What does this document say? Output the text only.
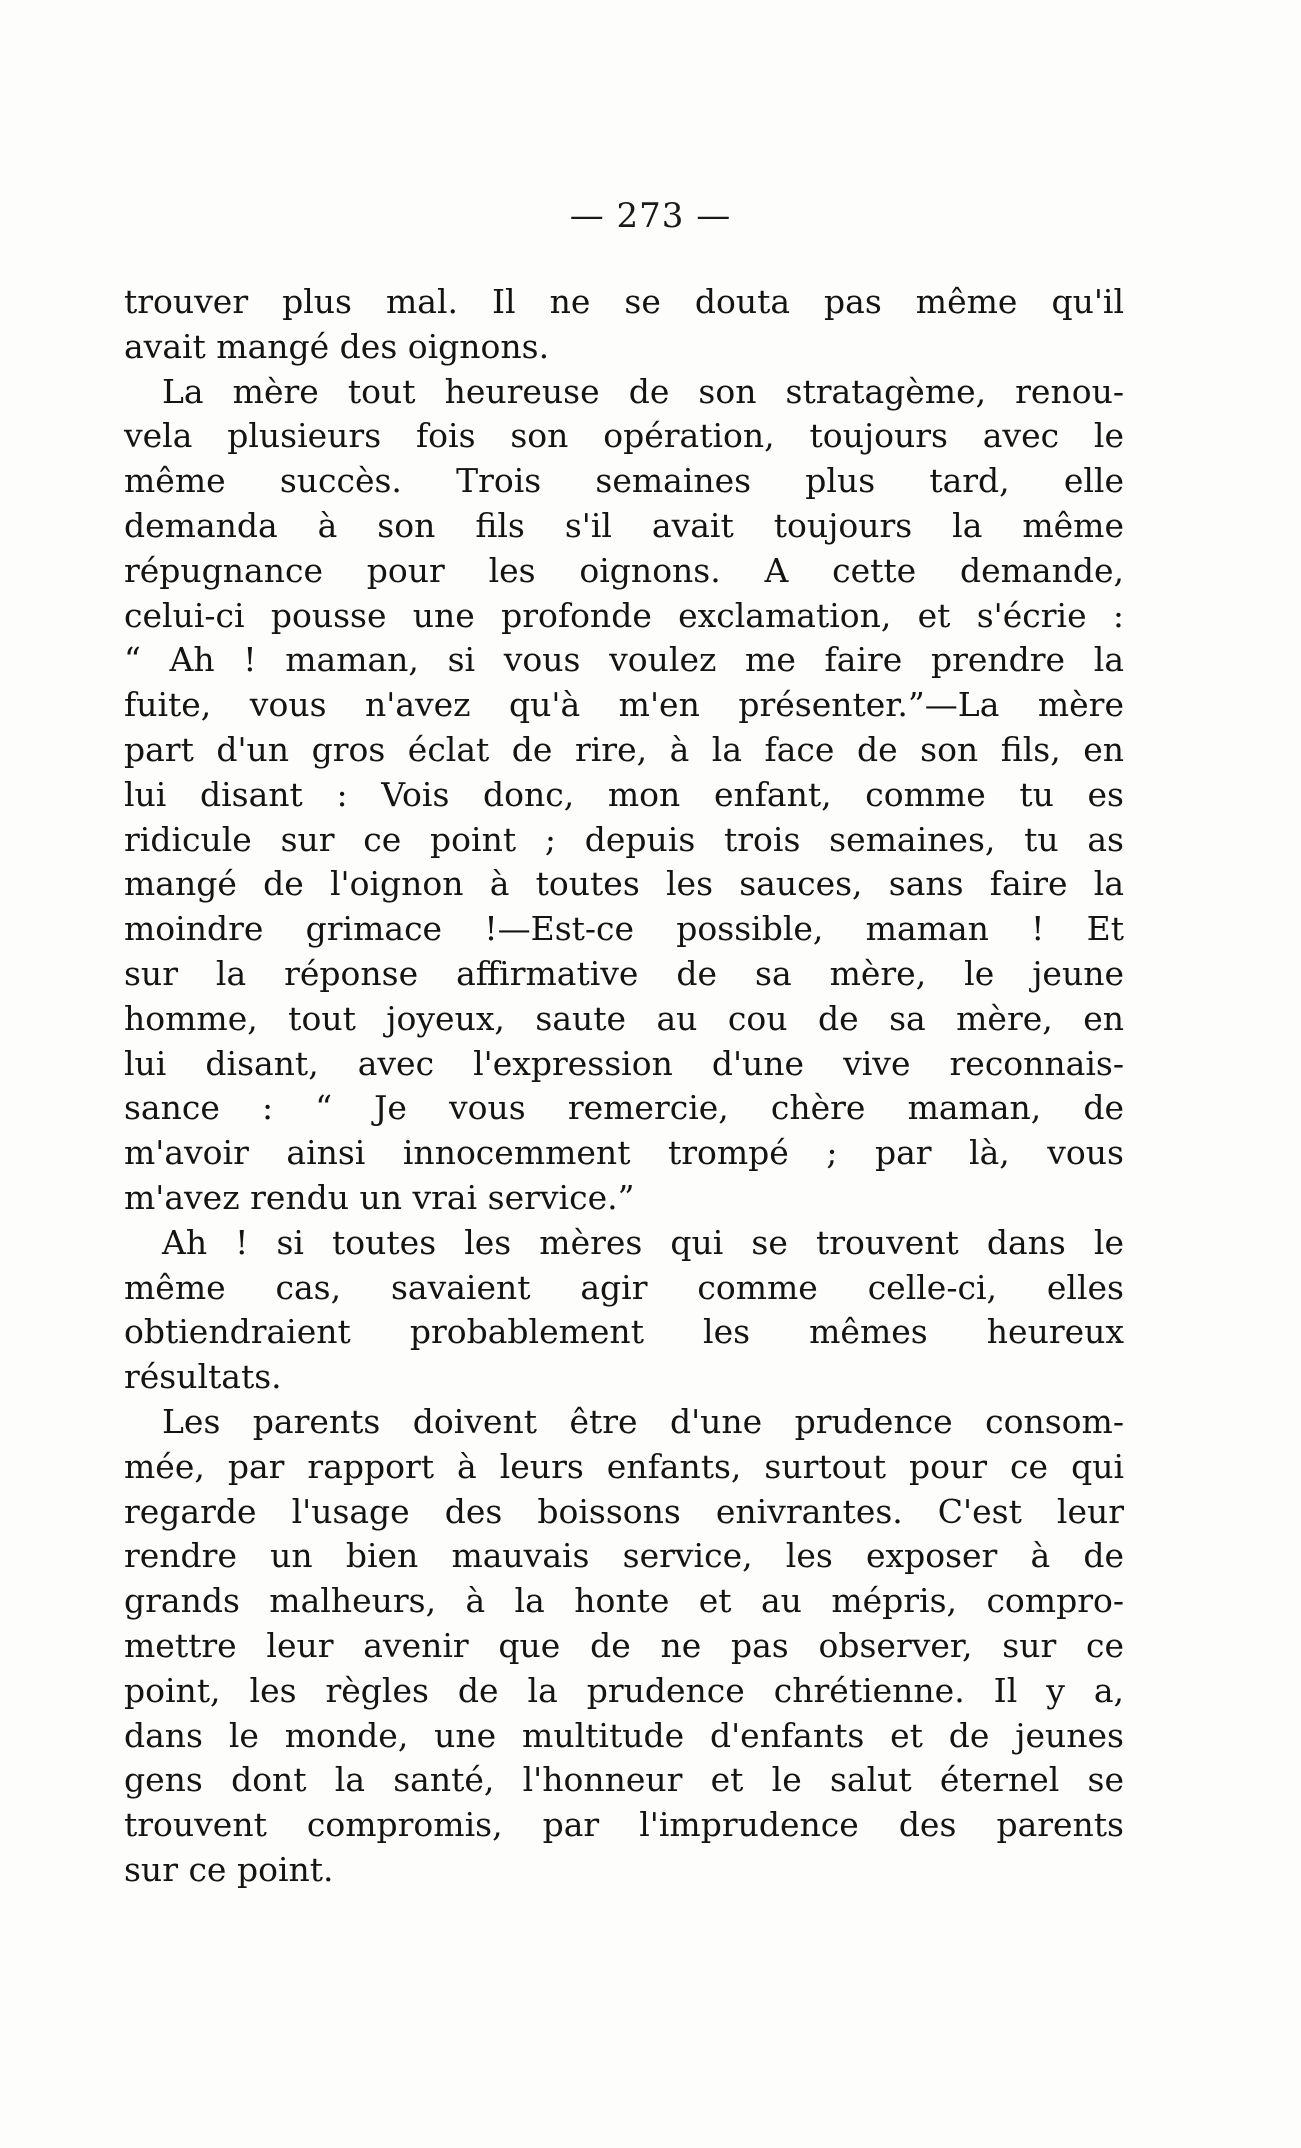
— 273 —
trouver plus mal. Il ne se douta pas même qu'il
avait mangé des oignons.
La mère tout heureuse de son stratagème, renou-
vela plusieurs fois son opération, toujours avec le
même succès. Trois semaines plus tard, elle
demanda à son fils s'il avait toujours la même
répugnance pour les oignons. A cette demande,
celui-ci pousse une profonde exclamation, et s'écrie :
“ Ah ! maman, si vous voulez me faire prendre la
fuite, vous n'avez qu'à m'en présenter.”—La mère
part d'un gros éclat de rire, à la face de son fils, en
lui disant : Vois donc, mon enfant, comme tu es
ridicule sur ce point ; depuis trois semaines, tu as
mangé de l'oignon à toutes les sauces, sans faire la
moindre grimace !—Est-ce possible, maman ! Et
sur la réponse affirmative de sa mère, le jeune
homme, tout joyeux, saute au cou de sa mère, en
lui disant, avec l'expression d'une vive reconnais-
sance : “ Je vous remercie, chère maman, de
m'avoir ainsi innocemment trompé ; par là, vous
m'avez rendu un vrai service.”
Ah ! si toutes les mères qui se trouvent dans le
même cas, savaient agir comme celle-ci, elles
obtiendraient probablement les mêmes heureux
résultats.
Les parents doivent être d'une prudence consom-
mée, par rapport à leurs enfants, surtout pour ce qui
regarde l'usage des boissons enivrantes. C'est leur
rendre un bien mauvais service, les exposer à de
grands malheurs, à la honte et au mépris, compro-
mettre leur avenir que de ne pas observer, sur ce
point, les règles de la prudence chrétienne. Il y a,
dans le monde, une multitude d'enfants et de jeunes
gens dont la santé, l'honneur et le salut éternel se
trouvent compromis, par l'imprudence des parents
sur ce point.
